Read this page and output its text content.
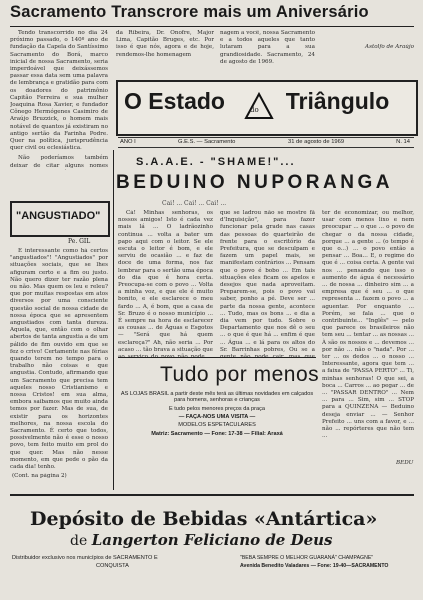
Sacramento Transcrore mais um Aniversário

Tendo transcorrido no dia 24 próximo passado, o 140º ano de fundação da Capela do Santíssimo Sacramento do Borá, marco inicial de nossa Sacramento, seria imperdoável que deixássemos passar essa data sem uma palavra de lembrança e gratidão para com os doadores do patrimônio Capitão Ferreira e sua mulher Joaquina Rosa Xavier, e fundador Cônego Hermógenes Casimiro de Araújo Bruzzick, o homem mais notável de quantos já existiram no antigo sertão da Farinha Podre. Quer na política, jurisprudência quer civil ou eclesiástica.

Não poderíamos também deixar de citar alguns nomes

da Ribeira, Dr. Onofre, Major Lima, Capitão Bruges, etc. Por isso é que nós, agora e de hoje, rendemos-lhe homenagem

nagem a você, nossa Sacramento e a todos aqueles que tanto lutaram para a sua grandiosidade. Sacramento, 24 de agosto de 1969.

Astolfo de Araújo
O Estado	Triângulo
do
ANO I	G.E.S. — Sacramento	31 de agosto de 1969	N. 14
S.A.A.E. - "SHAME!"...
BEDUINO NUPORANGA
Cai! ... Cai! ... Cai! ...
"ANGUSTIADO"
Pe. GIL

É interessante como há certos "angustiados"! "Angustiados" por situações sociais, que se lhes afiguram certo e a fim ou justo. Não quero dizer ter razão plena ou não. Mas quem os leu e releu? que por muitas respostas em atos diversos por uma consciente questão social de nossa cidade de nossa época que se apresentem angustiados com tanta dureza. Aquela, que, então com o olhar abertos de tanta angustia a de um pálido de fim ouvido em que se fez o crivo! Certamente nas férias quando terem no tempo para o trabalho não coisas e que angustia. Contudo, afirmando que um Sacramento que precisa tem aqueles nosso Cristianismo e nossa Cristos! em sua alma, embora saibamos que muito ainda temos por fazer. Mas de sua, de existir para os horizontes melhores, na nossa escola do Sacramento. É certo que todos, possivelmente não é esse o nosso povo, tem feito muito em prol do que quer. Mas não nesse momento, em que pede o pão da cada dia! tenho.

(Cont. na página 2)

Cá! Minhas senhoras, os nossos amigos! Isto é cada vez mais lá ... O ladrãozinho continua ... volta a bater um papo aqui com o leitor. Se ele escuta o leitor é bom, e ele serviu de ocasião ... e faz de doce de uma forma, nos faz lembrar para o sertão uma época do dia que é hora certa. Preocupa-se com o povo ... Volta a minha voz, e que ele é muito bonito, e ele esclarece o meu fardo ... A, é bom, que a casa de Sr. Bruzo é o nosso município ... É sempre na hora de esclarecer as cousas ... de Águas e Esgotos — "Será que há quem esclareça?" Ah, não seria ... Por acaso ... tão brava a situação que

que se ladrou não se mostre fã d'Inquisição", para fazer funcionar pela grade nas casas das pessoas do quarteirão de frente para o escritório da Prefeitura, que se desculpam e fazem um papel mais, se manifestam contrários ... Pensam que o povo é bobo ... Em tais situações eles ficam os apelos e desejos que nada aproveitam. Preparem-se, pois o povo vai saber, ponho a pé. Deve ser ... parte da nossa gente, acontece ... Tudo, mas os bons ... e dia a dia vem por tudo. Sobre o Departamento que nos dê o seu ... o que é que há ... enfim é que ... Água ... e lá para os altos do Sr. Barrinhas pobres, Ou se a

ter de economizar, ou melhor, usar com menos lixo e nem preocupar ... o que ... o povo de chegar o da nossa cidade, porque ... a gente ... (o tempo é que o...) ... o povo então a pensar ... Boa... E, o regime do que é ... coisa certa. A gente vai nos ... pensando que isso o aumento de água é necessário ... de nossa ... dinheiro sim ... a empresa que é seu ... o que representa ... fazem o povo ... a aguentar. Por enquanto ... Porém, se fala ... que o contribuinte... "Inglês" — pelo que parece os brasileiros não tem seu ... tentar ... as nossas ... À são os nossos e ... devemos ... por não ... não o "nada". Por ... ter ... os dedos ... o nosso ... Interessante, agora que tem ... a faixa de "PASSA PERTO" ... Ti, minhas senhoras! O que sei, a boca ... Carros ... ao pegar ... de ... "PASSAR DENTRO" ... Nem ... para ... Sim, sim ... STOP para a QUINZENA — Beduino deseja enviar ... — Senhor Prefeito ... uns com a favor, e ... não ... repórteres que não tem ...

BEDU
Tudo por menos
AS LOJAS BRASIL a partir deste mês terá as últimas novidades em calçados para homens, senhoras e crianças
E tudo pelos menores preços da praça
— FAÇA-NOS UMA VISITA —
MODELOS ESPETACULARES
Matriz: Sacramento — Fone: 17-38 — Filial: Araxá
Depósito de Bebidas «Antártica»
de Langerton Feliciano de Deus
Distribuidor exclusivo nos municípios de SACRAMENTO E
CONQUISTA
"BEBA SEMPRE O MELHOR GUARANÁ" CHAMPAGNE"
Avenida Benedito Valadares — Fone: 19-40—SACRAMENTO
